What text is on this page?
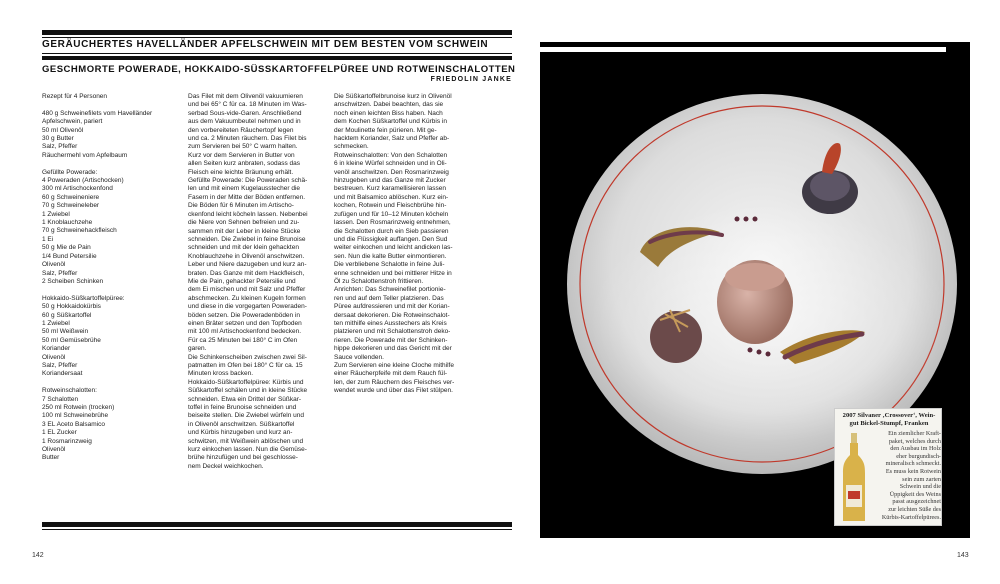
GERÄUCHERTES HAVELLÄNDER APFELSCHWEIN MIT DEM BESTEN VOM SCHWEIN
GESCHMORTE POWERADE, HOKKAIDO-SÜSSKARTOFFELPÜREE UND ROTWEINSCHALOTTEN
FRIEDOLIN JANKE

Rezept für 4 Personen

480 g Schweinefilets vom Havelländer

Apfelschwein, pariert

50 ml Olivenöl

30 g Butter

Salz, Pfeffer

Räuchermehl vom Apfelbaum

Gefüllte Powerade:

4 Poweraden (Artischocken)

300 ml Artischockenfond

60 g Schweineniere

70 g Schweineleber

1 Zwiebel

1 Knoblauchzehe

70 g Schweinehackfleisch

1 Ei

50 g Mie de Pain

1/4 Bund Petersilie

Olivenöl

Salz, Pfeffer

2 Scheiben Schinken

Hokkaido-Süßkartoffelpüree:

50 g Hokkaidokürbis

60 g Süßkartoffel

1 Zwiebel

50 ml Weißwein

50 ml Gemüsebrühe

Koriander

Olivenöl

Salz, Pfeffer

Koriandersaat

Rotweinschalotten:

7 Schalotten

250 ml Rotwein (trocken)

100 ml Schweinebrühe

3 EL Aceto Balsamico

1 EL Zucker

1 Rosmarinzweig

Olivenöl

Butter

Das Filet mit dem Olivenöl vakuumieren

und bei 65° C für ca. 18 Minuten im Was-

serbad Sous-vide-Garen. Anschließend

aus dem Vakuumbeutel nehmen und in

den vorbereiteten Räuchertopf legen

und ca. 2 Minuten räuchern. Das Filet bis

zum Servieren bei 50° C warm halten.

Kurz vor dem Servieren in Butter von

allen Seiten kurz anbraten, sodass das

Fleisch eine leichte Bräunung erhält.

Gefüllte Powerade: Die Poweraden schä-

len und mit einem Kugelausstecher die

Fasern in der Mitte der Böden entfernen.

Die Böden für 6 Minuten im Artischo-

ckenfond leicht köcheln lassen. Nebenbei

die Niere von Sehnen befreien und zu-

sammen mit der Leber in kleine Stücke

schneiden. Die Zwiebel in feine Brunoise

schneiden und mit der klein gehackten

Knoblauchzehe in Olivenöl anschwitzen.

Leber und Niere dazugeben und kurz an-

braten. Das Ganze mit dem Hackfleisch,

Mie de Pain, gehackter Petersilie und

dem Ei mischen und mit Salz und Pfeffer

abschmecken. Zu kleinen Kugeln formen

und diese in die vorgegarten Poweraden-

böden setzen. Die Poweradenböden in

einen Bräter setzen und den Topfboden

mit 100 ml Artischockenfond bedecken.

Für ca 25 Minuten bei 180° C im Ofen

garen.

Die Schinkenscheiben zwischen zwei Sil-

patmatten im Ofen bei 180° C für ca. 15

Minuten kross backen.

Hokkaido-Süßkartoffelpüree: Kürbis und

Süßkartoffel schälen und in kleine Stücke

schneiden. Etwa ein Drittel der Süßkar-

toffel in feine Brunoise schneiden und

beiseite stellen. Die Zwiebel würfeln und

in Olivenöl anschwitzen. Süßkartoffel

und Kürbis hinzugeben und kurz an-

schwitzen, mit Weißwein ablöschen und

kurz einkochen lassen. Nun die Gemüse-

brühe hinzufügen und bei geschlosse-

nem Deckel weichkochen.

Die Süßkartoffelbrunoise kurz in Olivenöl

anschwitzen. Dabei beachten, das sie

noch einen leichten Biss haben. Nach

dem Kochen Süßkartoffel und Kürbis in

der Moulinette fein pürieren. Mit ge-

hacktem Koriander, Salz und Pfeffer ab-

schmecken.

Rotweinschalotten: Von den Schalotten

6 in kleine Würfel schneiden und in Oli-

venöl anschwitzen. Den Rosmarinzweig

hinzugeben und das Ganze mit Zucker

bestreuen. Kurz karamellisieren lassen

und mit Balsamico ablöschen. Kurz ein-

kochen, Rotwein und Fleischbrühe hin-

zufügen und für 10–12 Minuten köcheln

lassen. Den Rosmarinzweig entnehmen,

die Schalotten durch ein Sieb passieren

und die Flüssigkeit auffangen. Den Sud

weiter einkochen und leicht andicken las-

sen. Nun die kalte Butter einmontieren.

Die verbliebene Schalotte in feine Juli-

enne schneiden und bei mittlerer Hitze in

Öl zu Schalottenstroh frittieren.

Anrichten: Das Schweinefilet portionie-

ren und auf dem Teller platzieren. Das

Püree aufdressieren und mit der Korian-

dersaat dekorieren. Die Rotweinschalot-

ten mithilfe eines Ausstechers als Kreis

platzieren und mit Schalottenstroh deko-

rieren. Die Powerade mit der Schinken-

hippe dekorieren und das Gericht mit der

Sauce vollenden.

Zum Servieren eine kleine Cloche mithilfe

einer Räucherpfeife mit dem Rauch fül-

len, der zum Räuchern des Fleisches ver-

wendet wurde und über das Filet stülpen.

2007 Silvaner ‚Crossover‘, Wein-
gut Bickel-Stumpf, Franken
Ein ziemlicher Kraft-
paket, welches durch
den Ausbau im Holz
eher burgundisch-
mineralisch schmeckt.
Es muss kein Rotwein
sein zum zarten
Schwein und die
Üppigkeit des Weins
passt ausgezeichnet
zur leichten Süße des
Kürbis-Kartoffelpürees.
142	143
